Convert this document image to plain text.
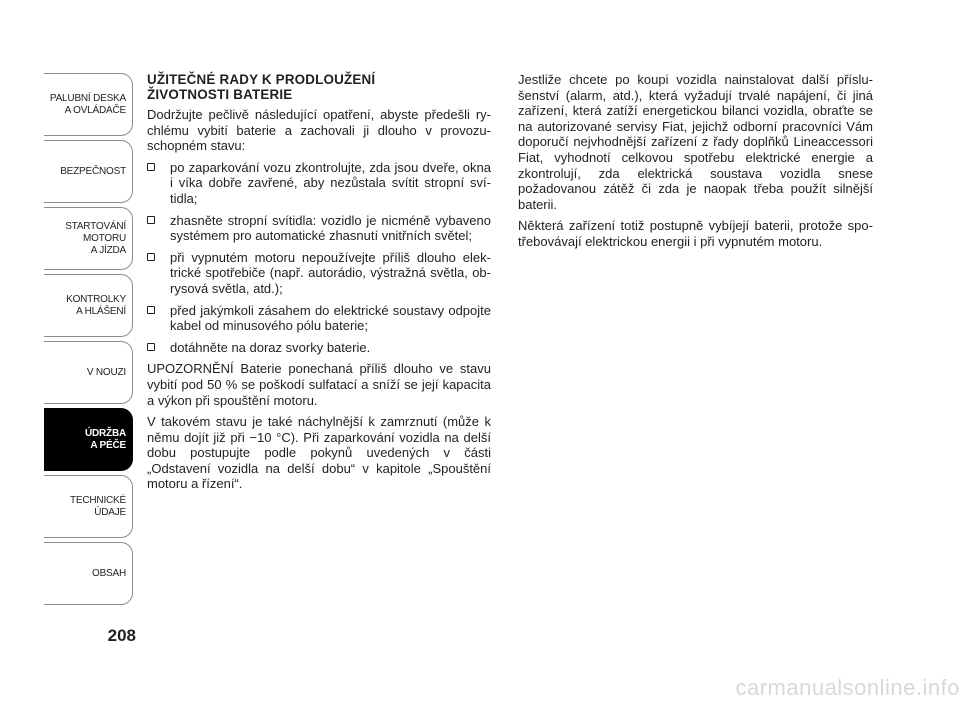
PALUBNÍ DESKA
A OVLÁDAČE
BEZPEČNOST
STARTOVÁNÍ
MOTORU
A JÍZDA
KONTROLKY
A HLÁŠENÍ
V NOUZI
ÚDRŽBA
A PÉČE
TECHNICKÉ
ÚDAJE
OBSAH
208
UŽITEČNÉ RADY K PRODLOUŽENÍ
ŽIVOTNOSTI BATERIE

Dodržujte pečlivě následující opatření, abyste předešli rychlému vybití baterie a zachovali ji dlouho v provozuschopném stavu:

po zaparkování vozu zkontrolujte, zda jsou dveře, okna i víka dobře zavřené, aby nezůstala svítit stropní svítidla;
zhasněte stropní svítidla: vozidlo je nicméně vybaveno systémem pro automatické zhasnutí vnitřních světel;
při vypnutém motoru nepoužívejte příliš dlouho elektrické spotřebiče (např. autorádio, výstražná světla, obrysová světla, atd.);
před jakýmkoli zásahem do elektrické soustavy odpojte kabel od minusového pólu baterie;
dotáhněte na doraz svorky baterie.

UPOZORNĚNÍ Baterie ponechaná příliš dlouho ve stavu vybití pod 50 % se poškodí sulfatací a sníží se její kapacita a výkon při spouštění motoru.

V takovém stavu je také náchylnější k zamrznutí (může k němu dojít již při −10 °C). Při zaparkování vozidla na delší dobu postupujte podle pokynů uvedených v části „Odstavení vozidla na delší dobu“ v kapitole „Spouštění motoru a řízení“.

Jestliže chcete po koupi vozidla nainstalovat další příslušenství (alarm, atd.), která vyžadují trvalé napájení, či jiná zařízení, která zatíží energetickou bilanci vozidla, obraťte se na autorizované servisy Fiat, jejichž odborní pracovníci Vám doporučí nejvhodnější zařízení z řady doplňků Lineaccessori Fiat, vyhodnotí celkovou spotřebu elektrické energie a zkontrolují, zda elektrická soustava vozidla snese požadovanou zátěž či zda je naopak třeba použít silnější baterii.

Některá zařízení totiž postupně vybíjejí baterii, protože spotřebovávají elektrickou energii i při vypnutém motoru.

carmanualsonline.info
